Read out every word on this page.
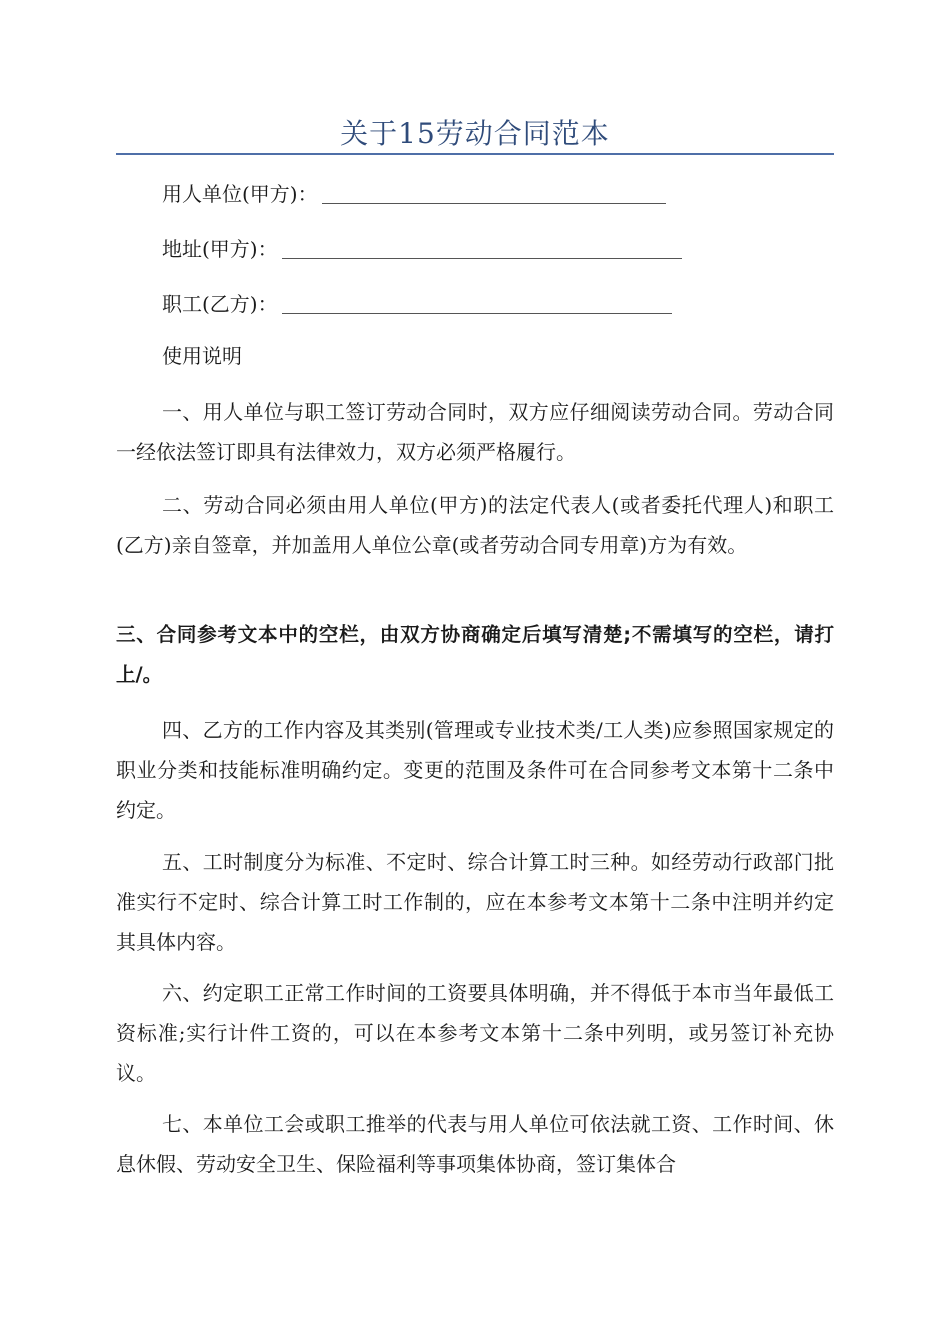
关于15劳动合同范本
用人单位(甲方)：
地址(甲方)：
职工(乙方)：

使用说明

一、用人单位与职工签订劳动合同时，双方应仔细阅读劳动合同。劳动合同一经依法签订即具有法律效力，双方必须严格履行。

二、劳动合同必须由用人单位(甲方)的法定代表人(或者委托代理人)和职工(乙方)亲自签章，并加盖用人单位公章(或者劳动合同专用章)方为有效。

三、合同参考文本中的空栏，由双方协商确定后填写清楚;不需填写的空栏，请打上/。

四、乙方的工作内容及其类别(管理或专业技术类/工人类)应参照国家规定的职业分类和技能标准明确约定。变更的范围及条件可在合同参考文本第十二条中约定。

五、工时制度分为标准、不定时、综合计算工时三种。如经劳动行政部门批准实行不定时、综合计算工时工作制的，应在本参考文本第十二条中注明并约定其具体内容。

六、约定职工正常工作时间的工资要具体明确，并不得低于本市当年最低工资标准;实行计件工资的，可以在本参考文本第十二条中列明，或另签订补充协议。

七、本单位工会或职工推举的代表与用人单位可依法就工资、工作时间、休息休假、劳动安全卫生、保险福利等事项集体协商，签订集体合
